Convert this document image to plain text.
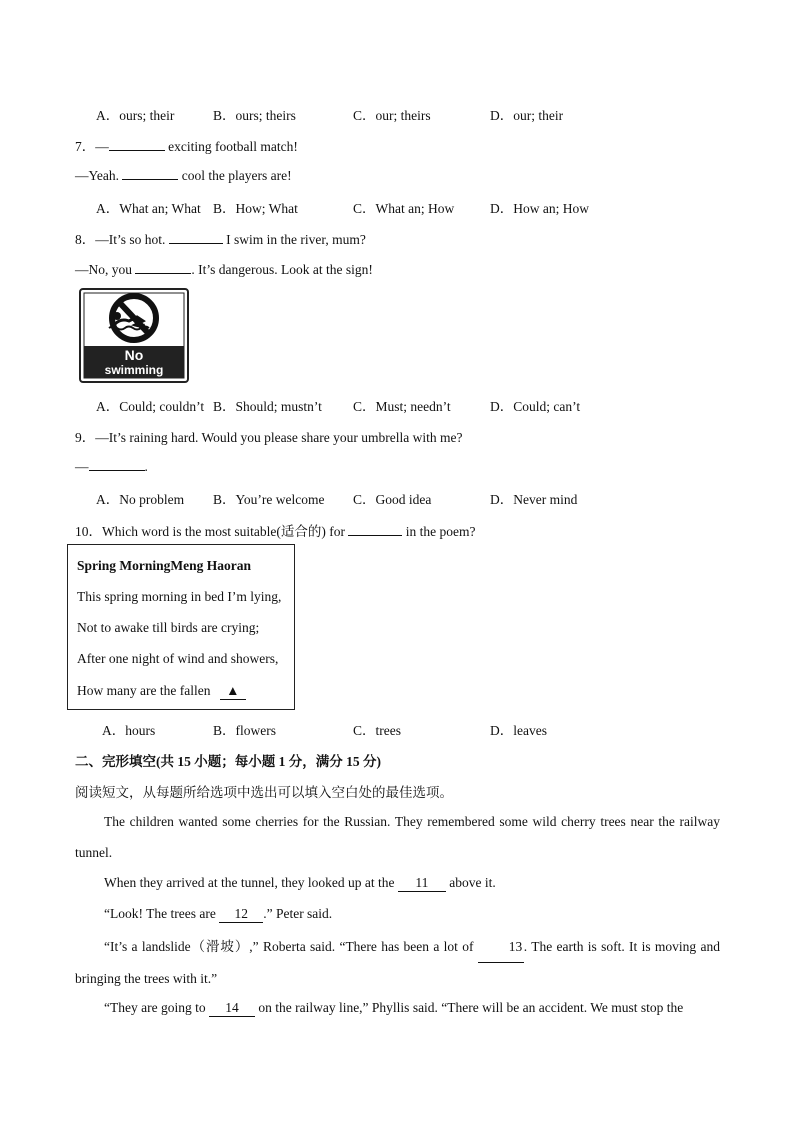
A．ours; their	B．ours; theirs	C．our; theirs	D．our; their
7．—	exciting football match!
—Yeah.	cool the players are!
A．What an; What B．How; What	C．What an; How	D．How an; How
8．—It’s so hot.	I swim in the river, mum?
—No, you	. It’s dangerous. Look at the sign!
No
swimming
A．Could; couldn’t B．Should; mustn’t C．Must; needn’t	D．Could; can’t
9．—It’s raining hard. Would you please share your umbrella with me?
—	.
A．No problem B．You’re welcome C．Good idea	D．Never mind
10．Which word is the most suitable(适合的) for	in the poem?
Spring MorningMeng Haoran
This spring morning in bed I’m lying,
Not to awake till birds are crying;
After one night of wind and showers,
How many are the fallen ▲
A．hours	B．flowers	C．trees	D．leaves
二、完形填空(共 15 小题；每小题 1 分，满分 15 分)
阅读短文，从每题所给选项中选出可以填入空白处的最佳选项。
The children wanted some cherries for the Russian. They remembered some wild cherry trees near the railway tunnel.
When they arrived at the tunnel, they looked up at the 11 above it.
“Look! The trees are 12 .” Peter said.
“It’s a landslide（滑坡）,” Roberta said. “There has been a lot of 13 . The earth is soft. It is moving and bringing the trees with it.”
“They are going to 14 on the railway line,” Phyllis said. “There will be an accident. We must stop the
